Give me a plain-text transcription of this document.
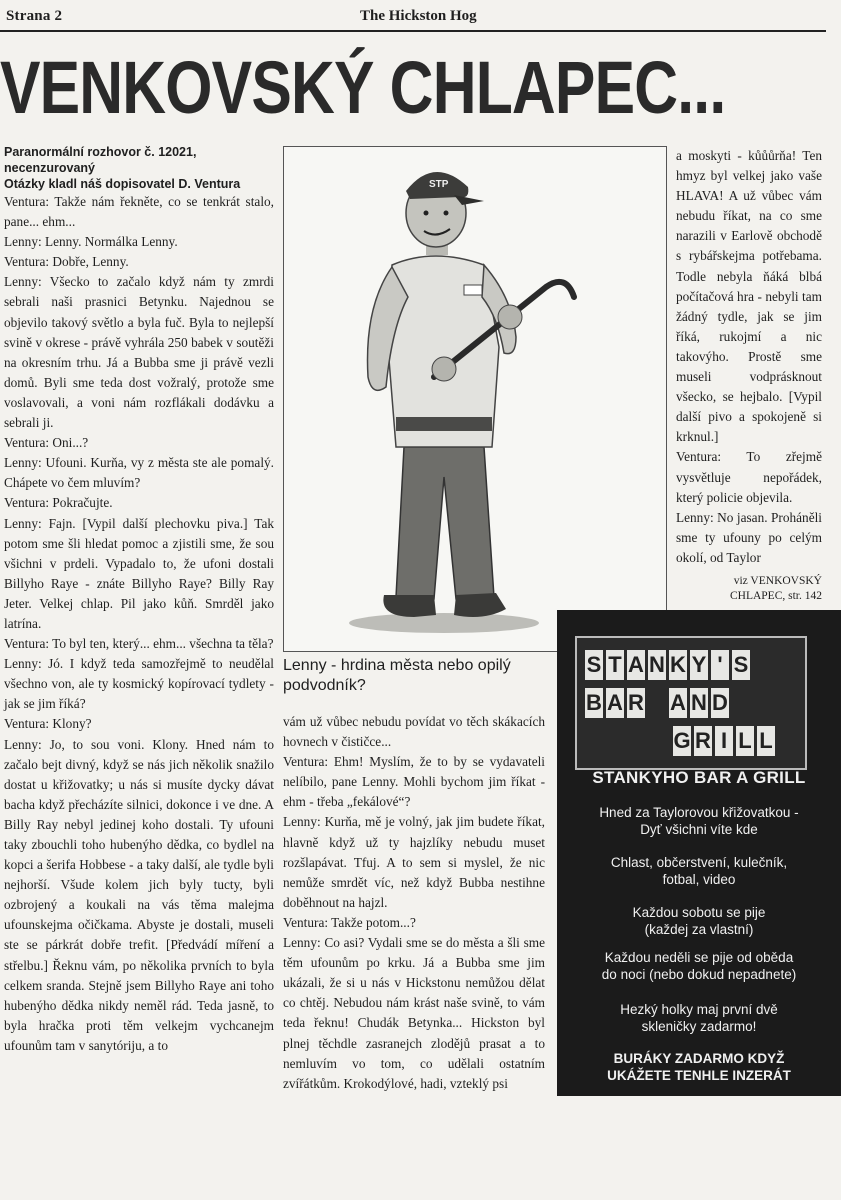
Strana 2	The Hickston Hog
VENKOVSKÝ CHLAPEC...
Paranormální rozhovor č. 12021, necenzurovaný
Otázky kladl náš dopisovatel D. Ventura

Ventura: Takže nám řekněte, co se tenkrát stalo, pane... ehm...

Lenny: Lenny. Normálka Lenny.

Ventura: Dobře, Lenny.

Lenny: Všecko to začalo když nám ty zmrdi sebrali naši prasnici Betynku. Najednou se objevilo takový světlo a byla fuč. Byla to nejlepší svině v okrese - právě vyhrála 250 babek v soutěži na okresním trhu. Já a Bubba sme ji právě vezli domů. Byli sme teda dost vožralý, protože sme voslavovali, a voni nám rozflákali dodávku a sebrali ji.

Ventura: Oni...?

Lenny: Ufouni. Kurňa, vy z města ste ale pomalý. Chápete vo čem mluvím?

Ventura: Pokračujte.

Lenny: Fajn. [Vypil další plechovku piva.] Tak potom sme šli hledat pomoc a zjistili sme, že sou všichni v prdeli. Vypadalo to, že ufoni dostali Billyho Raye - znáte Billyho Raye? Billy Ray Jeter. Velkej chlap. Pil jako kůň. Smrděl jako latrína.

Ventura: To byl ten, který... ehm... všechna ta těla?

Lenny: Jó. I když teda samozřejmě to neudělal všechno von, ale ty kosmický kopírovací tydlety - jak se jim říká?

Ventura: Klony?

Lenny: Jo, to sou voni. Klony. Hned nám to začalo bejt divný, když se nás jich několik snažilo dostat u křižovatky; u nás si musíte dycky dávat bacha když přecházíte silnici, dokonce i ve dne. A Billy Ray nebyl jedinej koho dostali. Ty ufouni taky zbouchli toho hubenýho dědka, co bydlel na kopci a šerifa Hobbese - a taky další, ale tydle byli nejhorší. Všude kolem jich byly tucty, byli ozbrojený a koukali na vás těma malejma ufounskejma očičkama. Abyste je dostali, museli ste se párkrát dobře trefit. [Předvádí míření a střelbu.] Řeknu vám, po několika prvních to byla celkem sranda. Stejně jsem Billyho Raye ani toho hubenýho dědka nikdy neměl rád. Teda jasně, to byla hračka proti těm velkejm vychcanejm ufounům tam v sanytóriju, a to

STP
Lenny - hrdina města nebo opilý podvodník?

vám už vůbec nebudu povídat vo těch skákacích hovnech v čističce...

Ventura: Ehm! Myslím, že to by se vydavateli nelíbilo, pane Lenny. Mohli bychom jim říkat - ehm - třeba „fekálové“?

Lenny: Kurňa, mě je volný, jak jim budete říkat, hlavně když už ty hajzlíky nebudu muset rozšlapávat. Tfuj. A to sem si myslel, že nic nemůže smrdět víc, než když Bubba nestihne doběhnout na hajzl.

Ventura: Takže potom...?

Lenny: Co asi? Vydali sme se do města a šli sme těm ufounům po krku. Já a Bubba sme jim ukázali, že si u nás v Hickstonu nemůžou dělat co chtěj. Nebudou nám krást naše svině, to vám teda řeknu! Chudák Betynka... Hickston byl plnej těchdle zasranejch zlodějů prasat a to nemluvím vo tom, co udělali ostatním zvířátkům. Krokodýlové, hadi, vzteklý psi

a moskyti - kůůůrňa! Ten hmyz byl velkej jako vaše HLAVA! A už vůbec vám nebudu říkat, na co sme narazili v Earlově obchodě s rybářskejma potřebama. Todle nebyla ňáká blbá počítačová hra - nebyli tam žádný tydle, jak se jim říká, rukojmí a nic takovýho. Prostě sme museli vodprásknout všecko, se hejbalo. [Vypil další pivo a spokojeně si krknul.]

Ventura: To zřejmě vysvětluje nepořádek, který policie objevila.

Lenny: No jasan. Proháněli sme ty ufouny po celým okolí, od Taylor

viz VENKOVSKÝ
CHLAPEC, str. 142
S T A N K Y ' S
B A R A N D
G R I L L
STANKYHO BAR A GRILL
Hned za Taylorovou křižovatkou -
Dyť všichni víte kde
Chlast, občerstvení, kulečník,
fotbal, video
Každou sobotu se pije
(každej za vlastní)
Každou neděli se pije od oběda
do noci (nebo dokud nepadnete)
Hezký holky maj první dvě
skleničky zadarmo!
BURÁKY ZADARMO KDYŽ
UKÁŽETE TENHLE INZERÁT
